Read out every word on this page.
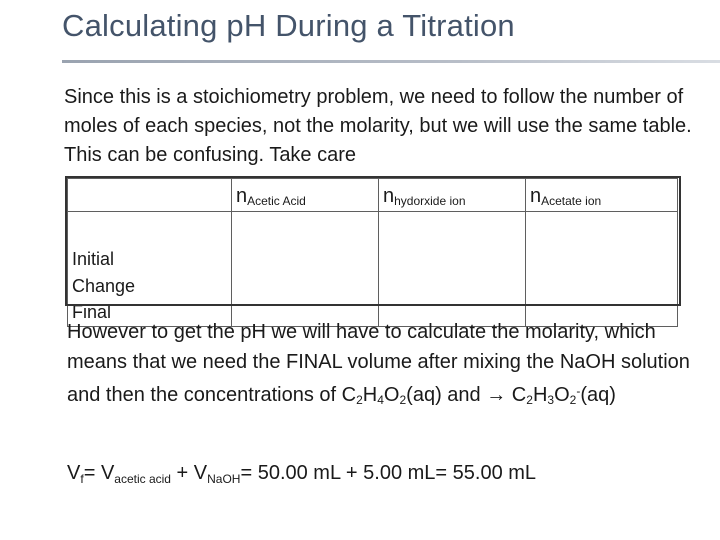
Calculating pH During a Titration
Since this is a stoichiometry problem, we need to follow the number of moles of each species, not the molarity, but we will use the same table. This can be confusing. Take care

	$n_{Acetic Acid}$	$n_{hydorxide ion}$	$n_{Acetate ion}$

Initial
Change
Final			

However to get the pH we will have to calculate the molarity, which means that we need the FINAL volume after mixing the NaOH solution and then the concentrations of $C_2H_4O_2(aq)$ and → $C_2H_3O_2^-(aq)$
$V_f= V_{acetic acid} + V_{NaOH}= 50.00$ mL + 5.00 mL= 55.00 mL
